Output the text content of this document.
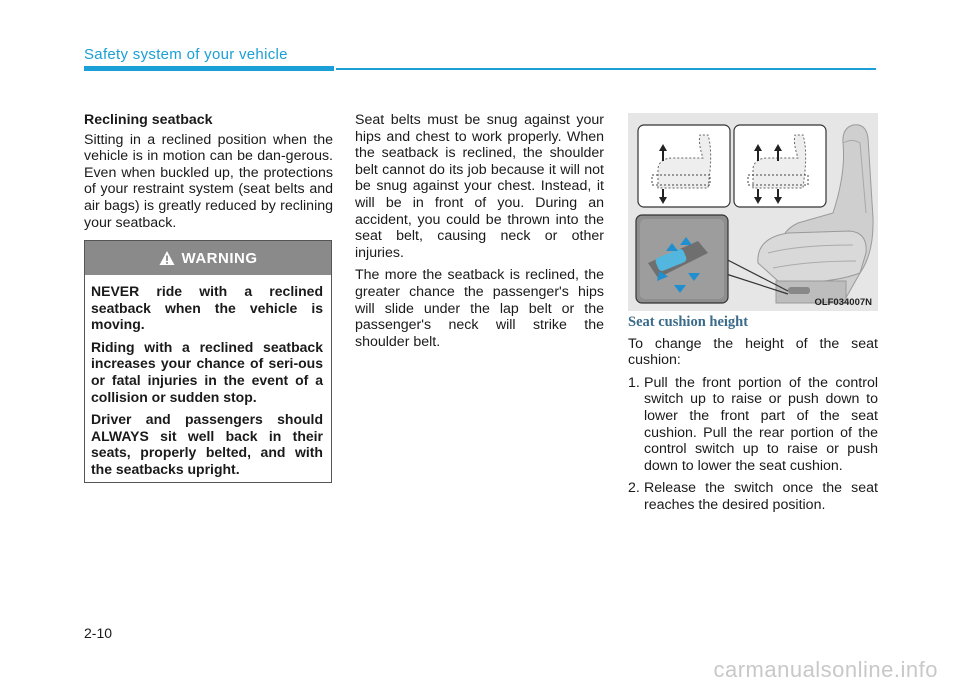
Safety system of your vehicle

Reclining seatback

Sitting in a reclined position when the vehicle is in motion can be dan-gerous. Even when buckled up, the protections of your restraint system (seat belts and air bags) is greatly reduced by reclining your seatback.

WARNING

NEVER ride with a reclined seatback when the vehicle is moving.

Riding with a reclined seatback increases your chance of seri-ous or fatal injuries in the event of a collision or sudden stop.

Driver and passengers should ALWAYS sit well back in their seats, properly belted, and with the seatbacks upright.

Seat belts must be snug against your hips and chest to work properly. When the seatback is reclined, the shoulder belt cannot do its job because it will not be snug against your chest. Instead, it will be in front of you. During an accident, you could be thrown into the seat belt, causing neck or other injuries.

The more the seatback is reclined, the greater chance the passenger's hips will slide under the lap belt or the passenger's neck will strike the shoulder belt.

OLF034007N

Seat cushion height

To change the height of the seat cushion:

1. Pull the front portion of the control switch up to raise or push down to lower the front part of the seat cushion. Pull the rear portion of the control switch up to raise or push down to lower the seat cushion.
2. Release the switch once the seat reaches the desired position.
2-10
carmanualsonline.info
